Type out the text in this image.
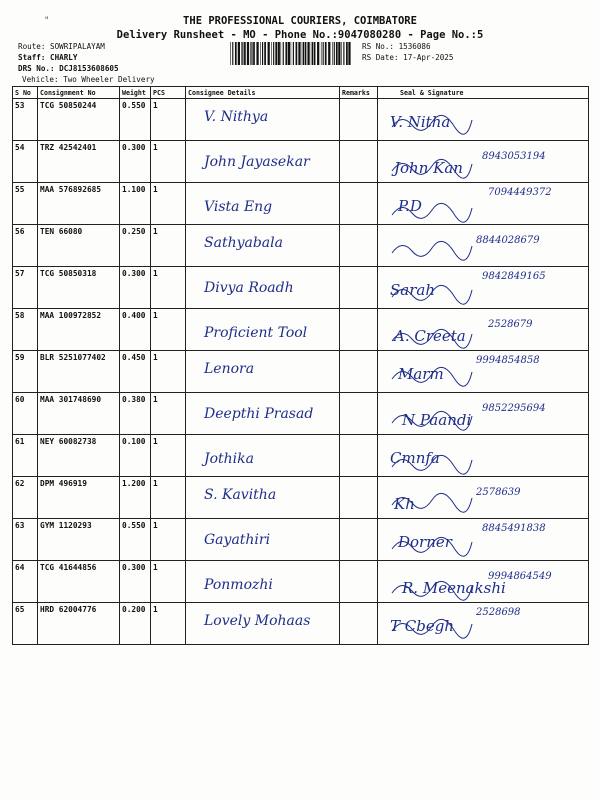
"	THE PROFESSIONAL COURIERS, COIMBATORE
Delivery Runsheet - MO - Phone No.:9047080280 - Page No.:5
Route: SOWRIPALAYAM
Staff: CHARLY
DRS No.: DCJ8153608605
Vehicle: Two Wheeler Delivery
RS No.: 1536086
RS Date: 17-Apr-2025
S No	Consignment No	Weight	PCS	Consignee Details	Remarks	Seal & Signature
53	TCG 50850244	0.550	1	V. Nithya		V. Nitha

54	TRZ 42542401	0.300	1	John Jayasekar		John Kan
8943053194

55	MAA 576892685	1.100	1	Vista Eng		P.D
7094449372

56	TEN 66080	0.250	1	Sathyabala		8844028679

57	TCG 50850318	0.300	1	Divya Roadh		Sarah
9842849165

58	MAA 100972852	0.400	1	Proficient Tool		A. Creeta
2528679

59	BLR 5251077402	0.450	1	Lenora		Marm
9994854858

60	MAA 301748690	0.380	1	Deepthi Prasad		N Paandi
9852295694

61	NEY 60082738	0.100	1	Jothika		Cmnfa

62	DPM 496919	1.200	1	S. Kavitha		Kh
2578639

63	GYM 1120293	0.550	1	Gayathiri		Dorner
8845491838

64	TCG 41644856	0.300	1	Ponmozhi		R. Meenakshi
9994864549

65	HRD 62004776	0.200	1	Lovely Mohaas		T Cbegh
2528698
